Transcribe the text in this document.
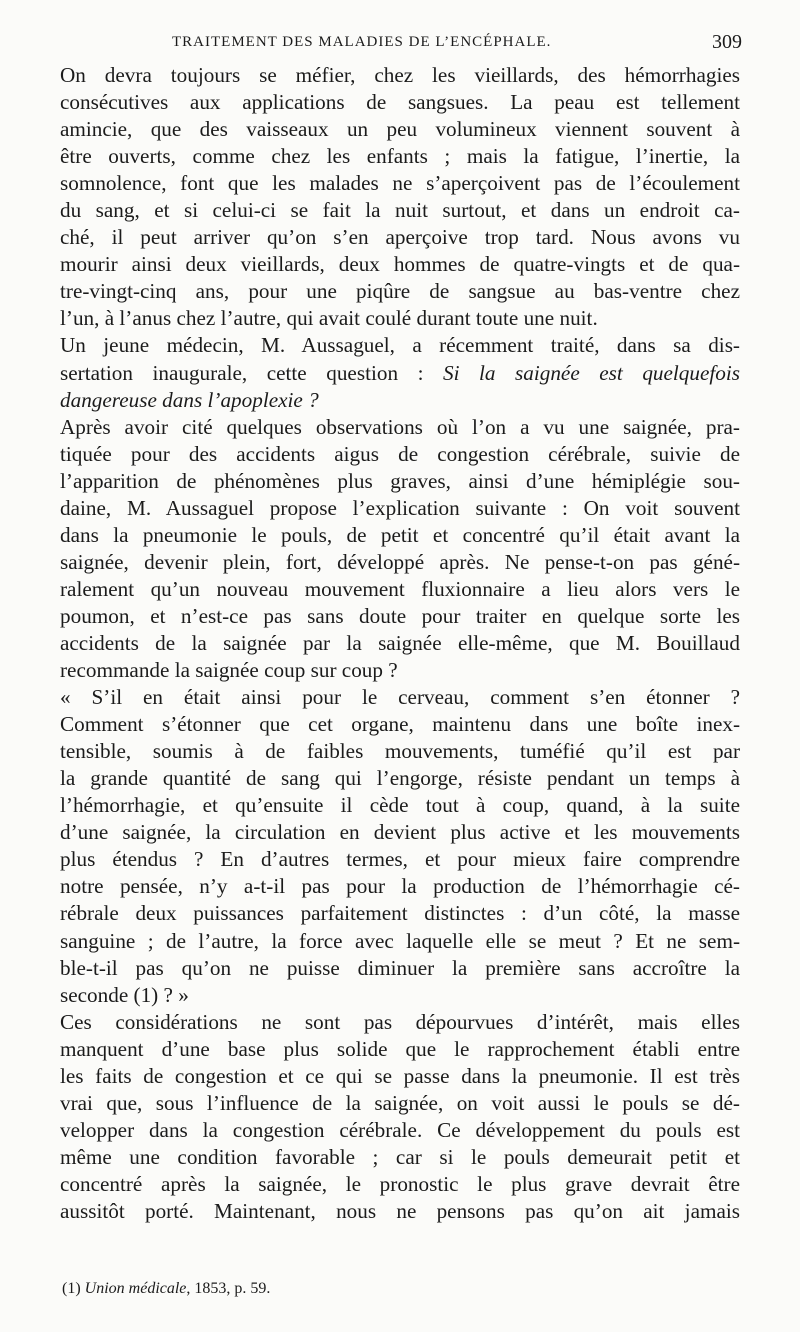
TRAITEMENT DES MALADIES DE L’ENCÉPHALE.	309
On devra toujours se méfier, chez les vieillards, des hémorrhagies
consécutives aux applications de sangsues. La peau est tellement
amincie, que des vaisseaux un peu volumineux viennent souvent à
être ouverts, comme chez les enfants ; mais la fatigue, l’inertie, la
somnolence, font que les malades ne s’aperçoivent pas de l’écoulement
du sang, et si celui-ci se fait la nuit surtout, et dans un endroit ca-
ché, il peut arriver qu’on s’en aperçoive trop tard. Nous avons vu
mourir ainsi deux vieillards, deux hommes de quatre-vingts et de qua-
tre-vingt-cinq ans, pour une piqûre de sangsue au bas-ventre chez
l’un, à l’anus chez l’autre, qui avait coulé durant toute une nuit.
Un jeune médecin, M. Aussaguel, a récemment traité, dans sa dis-
sertation inaugurale, cette question : Si la saignée est quelquefois
dangereuse dans l’apoplexie ?
Après avoir cité quelques observations où l’on a vu une saignée, pra-
tiquée pour des accidents aigus de congestion cérébrale, suivie de
l’apparition de phénomènes plus graves, ainsi d’une hémiplégie sou-
daine, M. Aussaguel propose l’explication suivante : On voit souvent
dans la pneumonie le pouls, de petit et concentré qu’il était avant la
saignée, devenir plein, fort, développé après. Ne pense-t-on pas géné-
ralement qu’un nouveau mouvement fluxionnaire a lieu alors vers le
poumon, et n’est-ce pas sans doute pour traiter en quelque sorte les
accidents de la saignée par la saignée elle-même, que M. Bouillaud
recommande la saignée coup sur coup ?
« S’il en était ainsi pour le cerveau, comment s’en étonner ?
Comment s’étonner que cet organe, maintenu dans une boîte inex-
tensible, soumis à de faibles mouvements, tuméfié qu’il est par
la grande quantité de sang qui l’engorge, résiste pendant un temps à
l’hémorrhagie, et qu’ensuite il cède tout à coup, quand, à la suite
d’une saignée, la circulation en devient plus active et les mouvements
plus étendus ? En d’autres termes, et pour mieux faire comprendre
notre pensée, n’y a-t-il pas pour la production de l’hémorrhagie cé-
rébrale deux puissances parfaitement distinctes : d’un côté, la masse
sanguine ; de l’autre, la force avec laquelle elle se meut ? Et ne sem-
ble-t-il pas qu’on ne puisse diminuer la première sans accroître la
seconde (1) ? »
Ces considérations ne sont pas dépourvues d’intérêt, mais elles
manquent d’une base plus solide que le rapprochement établi entre
les faits de congestion et ce qui se passe dans la pneumonie. Il est très
vrai que, sous l’influence de la saignée, on voit aussi le pouls se dé-
velopper dans la congestion cérébrale. Ce développement du pouls est
même une condition favorable ; car si le pouls demeurait petit et
concentré après la saignée, le pronostic le plus grave devrait être
aussitôt porté. Maintenant, nous ne pensons pas qu’on ait jamais
(1) Union médicale, 1853, p. 59.
